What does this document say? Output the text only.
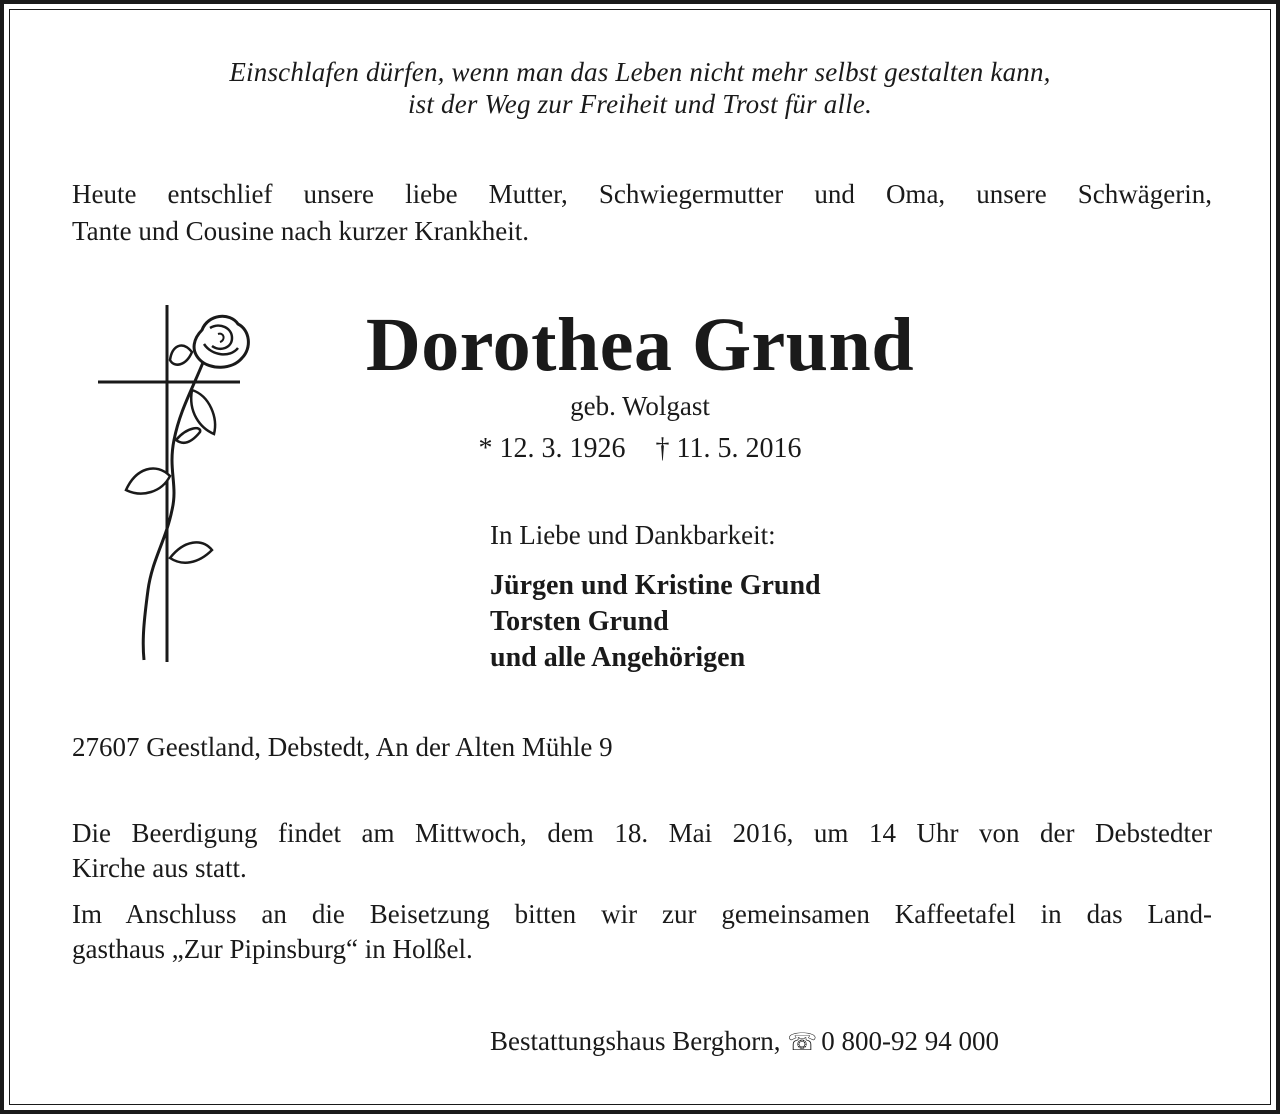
Einschlafen dürfen, wenn man das Leben nicht mehr selbst gestalten kann,
ist der Weg zur Freiheit und Trost für alle.
Heute entschlief unsere liebe Mutter, Schwiegermutter und Oma, unsere Schwägerin,
Tante und Cousine nach kurzer Krankheit.
Dorothea Grund
geb. Wolgast
* 12. 3. 1926 † 11. 5. 2016
In Liebe und Dankbarkeit:
Jürgen und Kristine Grund
Torsten Grund
und alle Angehörigen
27607 Geestland, Debstedt, An der Alten Mühle 9
Die Beerdigung findet am Mittwoch, dem 18. Mai 2016, um 14 Uhr von der Debstedter
Kirche aus statt.
Im Anschluss an die Beisetzung bitten wir zur gemeinsamen Kaffeetafel in das Land-
gasthaus „Zur Pipinsburg“ in Holßel.
Bestattungshaus Berghorn, ☏ 0 800-92 94 000
